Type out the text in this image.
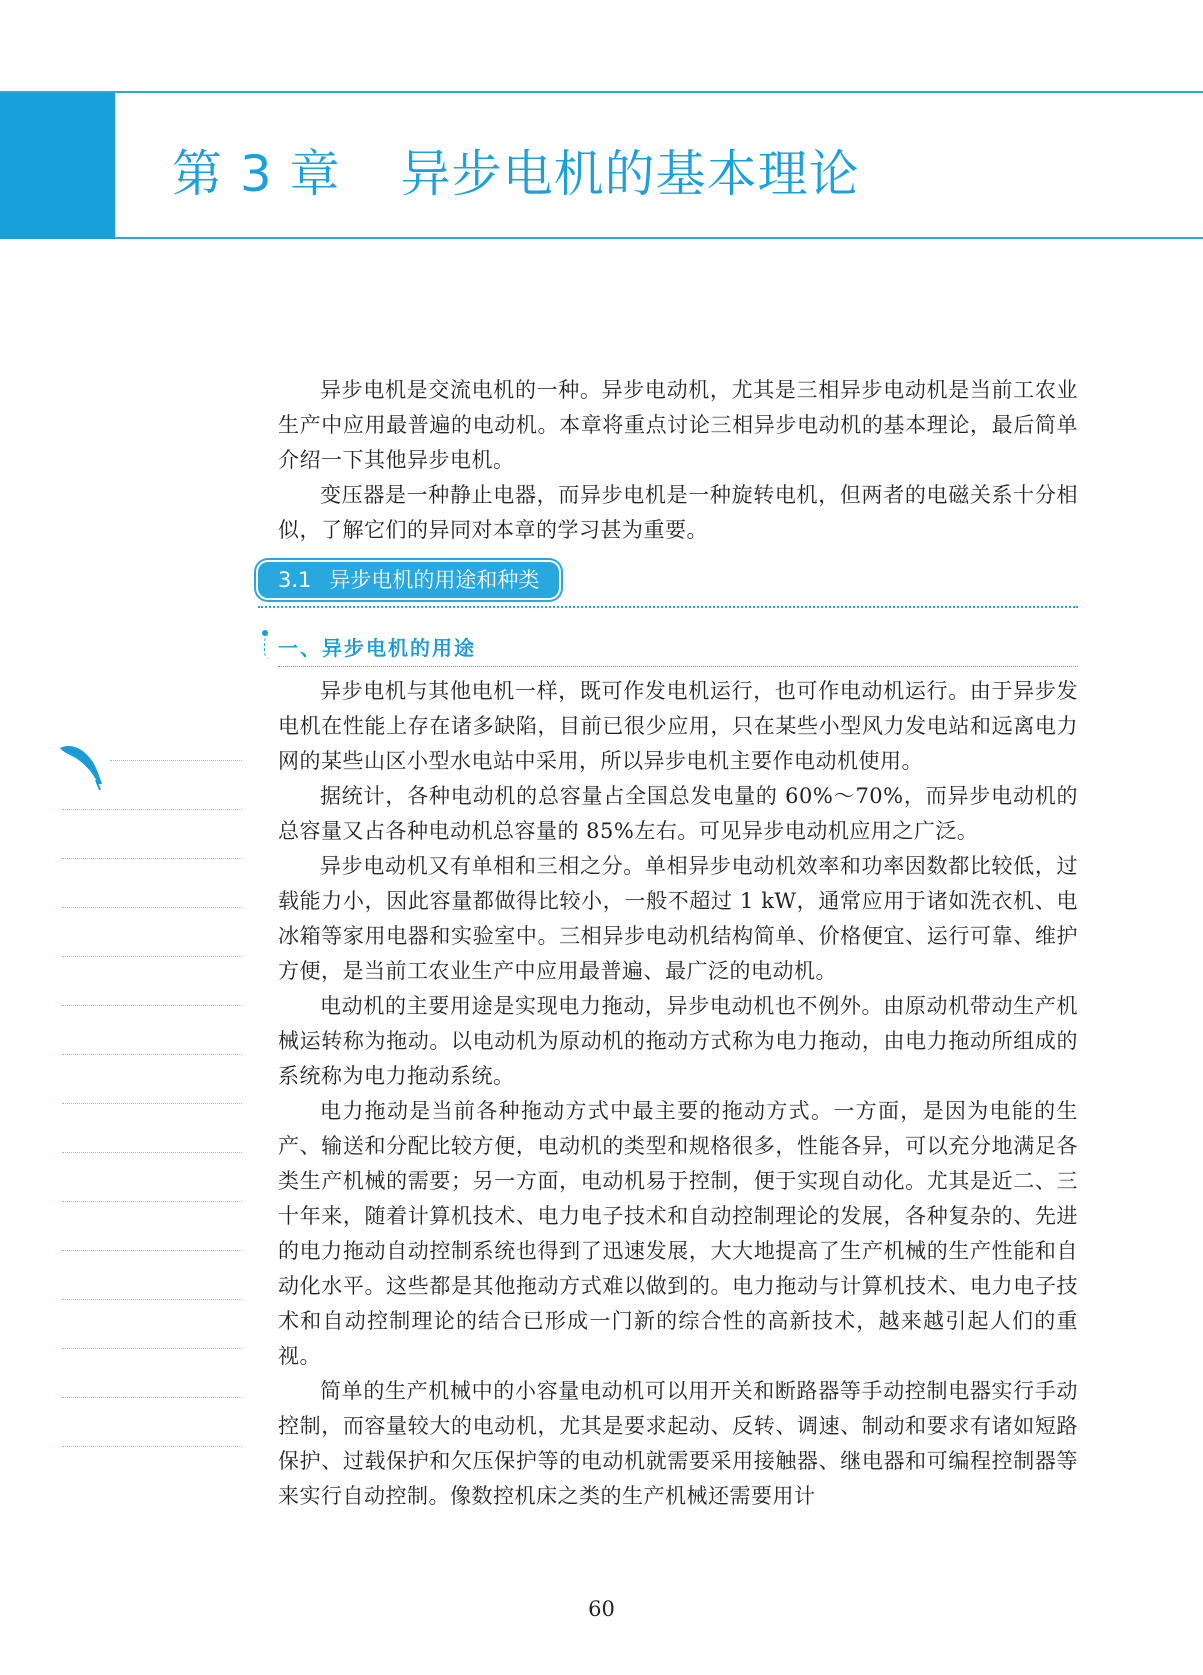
第 3 章 异步电机的基本理论

异步电机是交流电机的一种。异步电动机，尤其是三相异步电动机是当前工农业生产中应用最普遍的电动机。本章将重点讨论三相异步电动机的基本理论，最后简单介绍一下其他异步电机。

变压器是一种静止电器，而异步电机是一种旋转电机，但两者的电磁关系十分相似，了解它们的异同对本章的学习甚为重要。

3.1 异步电机的用途和种类
一、异步电机的用途

异步电机与其他电机一样，既可作发电机运行，也可作电动机运行。由于异步发电机在性能上存在诸多缺陷，目前已很少应用，只在某些小型风力发电站和远离电力网的某些山区小型水电站中采用，所以异步电机主要作电动机使用。

据统计，各种电动机的总容量占全国总发电量的 60%～70%，而异步电动机的总容量又占各种电动机总容量的 85%左右。可见异步电动机应用之广泛。

异步电动机又有单相和三相之分。单相异步电动机效率和功率因数都比较低，过载能力小，因此容量都做得比较小，一般不超过 1 kW，通常应用于诸如洗衣机、电冰箱等家用电器和实验室中。三相异步电动机结构简单、价格便宜、运行可靠、维护方便，是当前工农业生产中应用最普遍、最广泛的电动机。

电动机的主要用途是实现电力拖动，异步电动机也不例外。由原动机带动生产机械运转称为拖动。以电动机为原动机的拖动方式称为电力拖动，由电力拖动所组成的系统称为电力拖动系统。

电力拖动是当前各种拖动方式中最主要的拖动方式。一方面，是因为电能的生产、输送和分配比较方便，电动机的类型和规格很多，性能各异，可以充分地满足各类生产机械的需要；另一方面，电动机易于控制，便于实现自动化。尤其是近二、三十年来，随着计算机技术、电力电子技术和自动控制理论的发展，各种复杂的、先进的电力拖动自动控制系统也得到了迅速发展，大大地提高了生产机械的生产性能和自动化水平。这些都是其他拖动方式难以做到的。电力拖动与计算机技术、电力电子技术和自动控制理论的结合已形成一门新的综合性的高新技术，越来越引起人们的重视。

简单的生产机械中的小容量电动机可以用开关和断路器等手动控制电器实行手动控制，而容量较大的电动机，尤其是要求起动、反转、调速、制动和要求有诸如短路保护、过载保护和欠压保护等的电动机就需要采用接触器、继电器和可编程控制器等来实行自动控制。像数控机床之类的生产机械还需要用计

60
